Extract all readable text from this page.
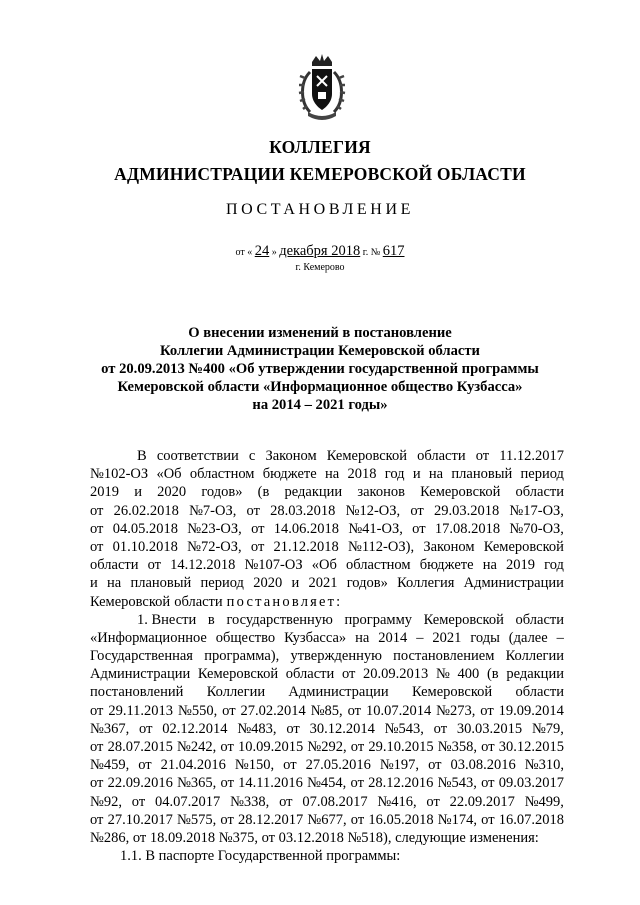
КОЛЛЕГИЯ
АДМИНИСТРАЦИИ КЕМЕРОВСКОЙ ОБЛАСТИ
ПОСТАНОВЛЕНИЕ
от « 24 » декабря 2018 г. № 617
г. Кемерово
О внесении изменений в постановление
Коллегии Администрации Кемеровской области
от 20.09.2013 №400 «Об утверждении государственной программы
Кемеровской области «Информационное общество Кузбасса»
на 2014 – 2021 годы»
В соответствии с Законом Кемеровской области от 11.12.2017
№102-ОЗ «Об областном бюджете на 2018 год и на плановый период
2019 и 2020 годов» (в редакции законов Кемеровской области
от 26.02.2018 №7-ОЗ, от 28.03.2018 №12-ОЗ, от 29.03.2018 №17-ОЗ,
от 04.05.2018 №23-ОЗ, от 14.06.2018 №41-ОЗ, от 17.08.2018 №70-ОЗ,
от 01.10.2018 №72-ОЗ, от 21.12.2018 №112-ОЗ), Законом Кемеровской
области от 14.12.2018 №107-ОЗ «Об областном бюджете на 2019 год
и на плановый период 2020 и 2021 годов» Коллегия Администрации
Кемеровской области постановляет:
1. Внести в государственную программу Кемеровской области
«Информационное общество Кузбасса» на 2014 – 2021 годы (далее –
Государственная программа), утвержденную постановлением Коллегии
Администрации Кемеровской области от 20.09.2013 № 400 (в редакции
постановлений Коллегии Администрации Кемеровской области
от 29.11.2013 №550, от 27.02.2014 №85, от 10.07.2014 №273, от 19.09.2014
№367, от 02.12.2014 №483, от 30.12.2014 №543, от 30.03.2015 №79,
от 28.07.2015 №242, от 10.09.2015 №292, от 29.10.2015 №358, от 30.12.2015
№459, от 21.04.2016 №150, от 27.05.2016 №197, от 03.08.2016 №310,
от 22.09.2016 №365, от 14.11.2016 №454, от 28.12.2016 №543, от 09.03.2017
№92, от 04.07.2017 №338, от 07.08.2017 №416, от 22.09.2017 №499,
от 27.10.2017 №575, от 28.12.2017 №677, от 16.05.2018 №174, от 16.07.2018
№286, от 18.09.2018 №375, от 03.12.2018 №518), следующие изменения:
1.1. В паспорте Государственной программы:
